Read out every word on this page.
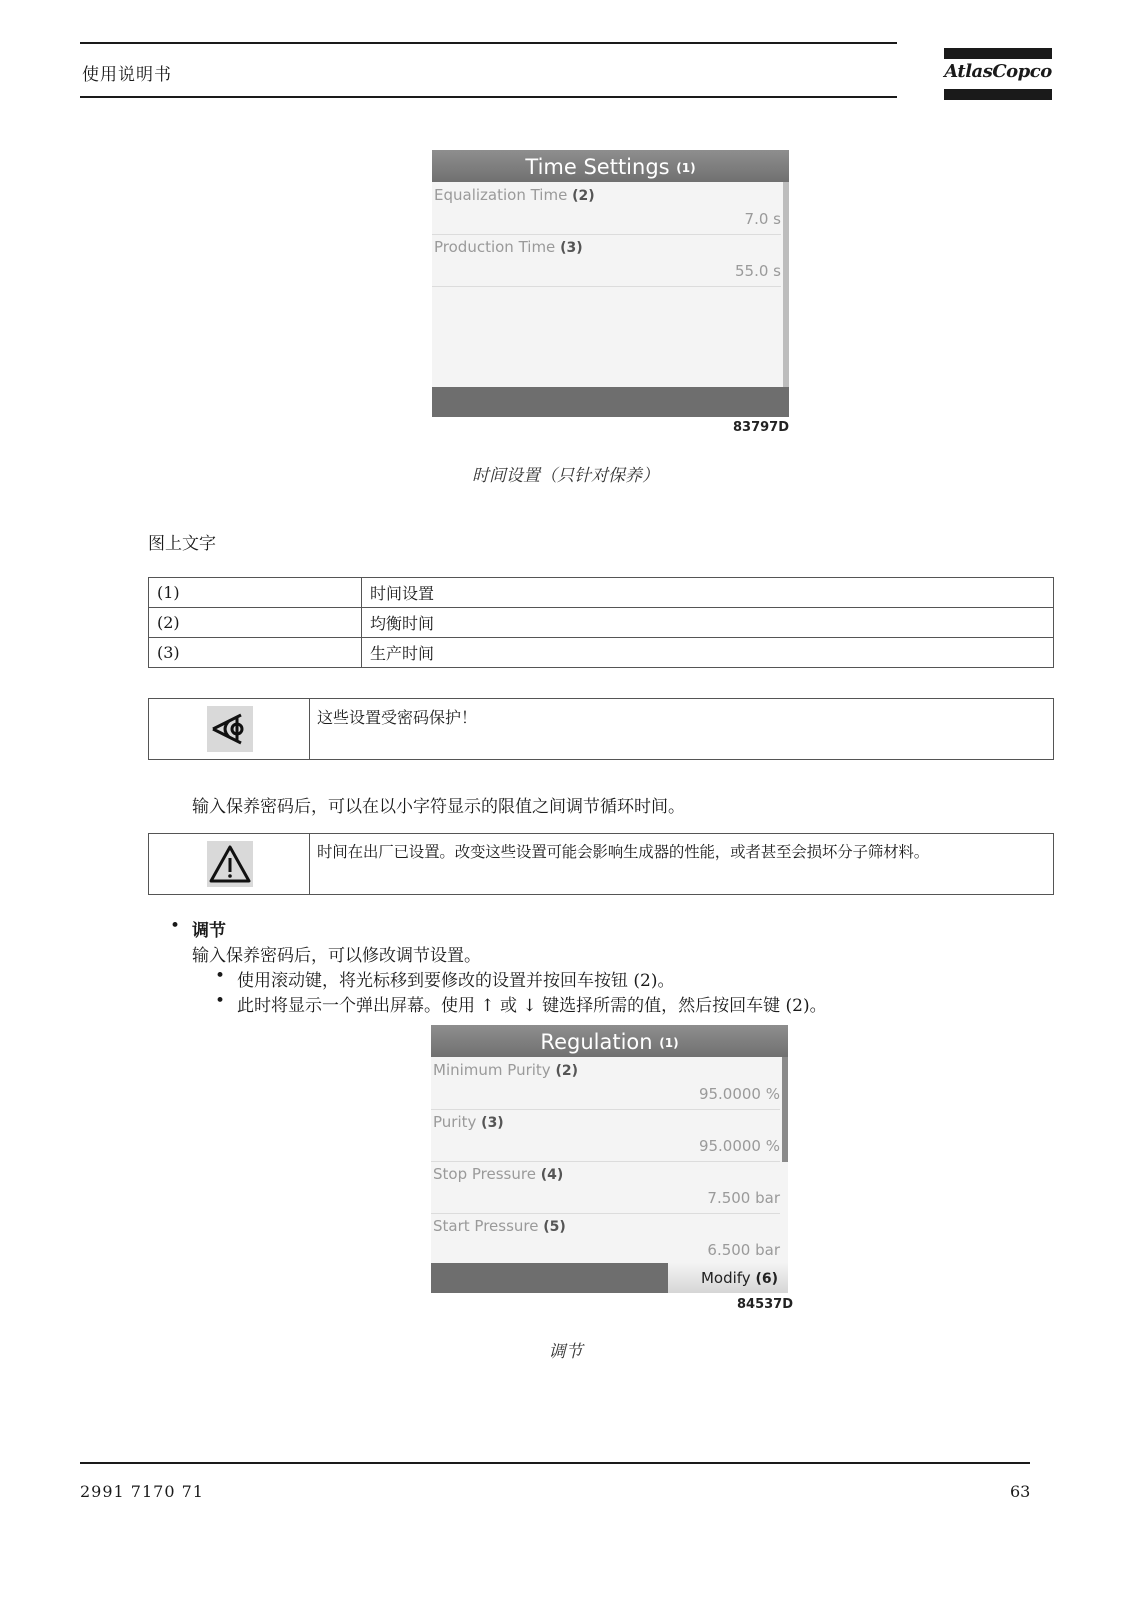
使用说明书	AtlasCopco
Time Settings (1)
Equalization Time (2)
7.0 s
Production Time (3)
55.0 s
83797D
时间设置（只针对保养）
图上文字
(1)	时间设置
(2)	均衡时间
(3)	生产时间
这些设置受密码保护！
输入保养密码后，可以在以小字符显示的限值之间调节循环时间。
时间在出厂已设置。改变这些设置可能会影响生成器的性能，或者甚至会损坏分子筛材料。
• 调节
输入保养密码后，可以修改调节设置。
• 使用滚动键，将光标移到要修改的设置并按回车按钮 (2)。
• 此时将显示一个弹出屏幕。使用 ↑ 或 ↓ 键选择所需的值，然后按回车键 (2)。
Regulation (1)
Minimum Purity (2)
95.0000 %
Purity (3)
95.0000 %
Stop Pressure (4)
7.500 bar
Start Pressure (5)
6.500 bar
Modify (6)
84537D
调节
2991 7170 71	63
